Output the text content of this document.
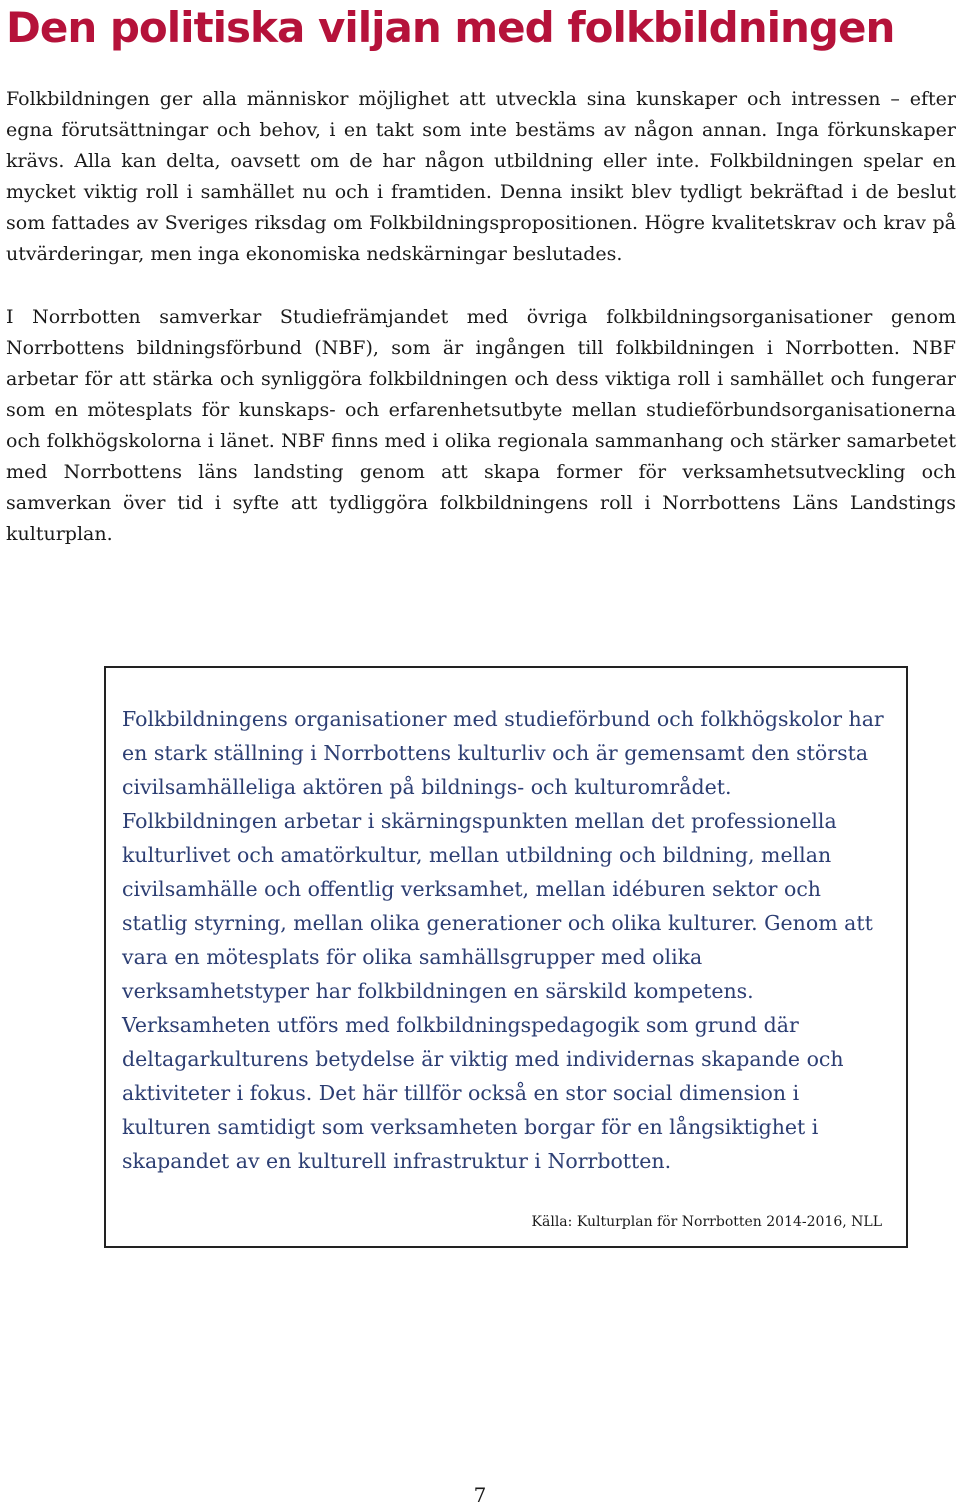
Den politiska viljan med folkbildningen

Folkbildningen ger alla människor möjlighet att utveckla sina kunskaper och intressen – efter egna förutsättningar och behov, i en takt som inte bestäms av någon annan. Inga förkunskaper krävs. Alla kan delta, oavsett om de har någon utbildning eller inte. Folkbildningen spelar en mycket viktig roll i samhället nu och i framtiden. Denna insikt blev tydligt bekräftad i de beslut som fattades av Sveriges riksdag om Folkbildningspropositionen. Högre kvalitetskrav och krav på utvärderingar, men inga ekonomiska nedskärningar beslutades.

I Norrbotten samverkar Studiefrämjandet med övriga folkbildningsorganisationer genom Norrbottens bildningsförbund (NBF), som är ingången till folkbildningen i Norrbotten. NBF arbetar för att stärka och synliggöra folkbildningen och dess viktiga roll i samhället och fungerar som en mötesplats för kunskaps- och erfarenhetsutbyte mellan studieförbundsorganisationerna och folkhögskolorna i länet. NBF finns med i olika regionala sammanhang och stärker samarbetet med Norrbottens läns landsting genom att skapa former för verksamhetsutveckling och samverkan över tid i syfte att tydliggöra folkbildningens roll i Norrbottens Läns Landstings kulturplan.

Folkbildningens organisationer med studieförbund och folkhögskolor har en stark ställning i Norrbottens kulturliv och är gemensamt den största civilsamhälleliga aktören på bildnings- och kulturområdet. Folkbildningen arbetar i skärningspunkten mellan det professionella kulturlivet och amatörkultur, mellan utbildning och bildning, mellan civilsamhälle och offentlig verksamhet, mellan idéburen sektor och statlig styrning, mellan olika generationer och olika kulturer. Genom att vara en mötesplats för olika samhällsgrupper med olika verksamhetstyper har folkbildningen en särskild kompetens. Verksamheten utförs med folkbildningspedagogik som grund där deltagarkulturens betydelse är viktig med individernas skapande och aktiviteter i fokus. Det här tillför också en stor social dimension i kulturen samtidigt som verksamheten borgar för en långsiktighet i skapandet av en kulturell infrastruktur i Norrbotten.

Källa: Kulturplan för Norrbotten 2014-2016, NLL

7
